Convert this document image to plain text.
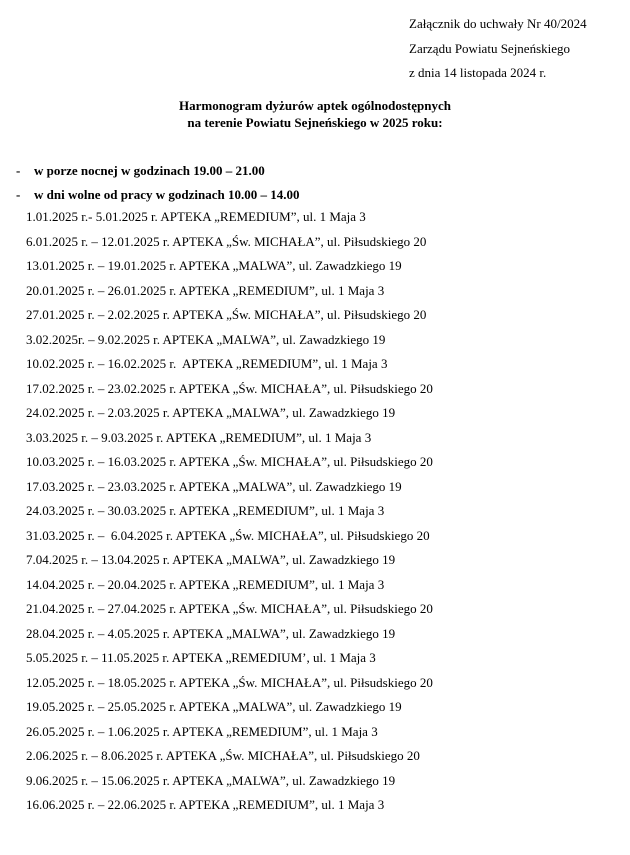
Załącznik do uchwały Nr 40/2024
Zarządu Powiatu Sejneńskiego
z dnia 14 listopada 2024 r.
Harmonogram dyżurów aptek ogólnodostępnych
na terenie Powiatu Sejneńskiego w 2025 roku:
- w porze nocnej w godzinach 19.00 – 21.00
- w dni wolne od pracy w godzinach 10.00 – 14.00
1.01.2025 r.- 5.01.2025 r. APTEKA „REMEDIUM”, ul. 1 Maja 3
6.01.2025 r. – 12.01.2025 r. APTEKA „Św. MICHAŁA”, ul. Piłsudskiego 20
13.01.2025 r. – 19.01.2025 r. APTEKA „MALWA”, ul. Zawadzkiego 19
20.01.2025 r. – 26.01.2025 r. APTEKA „REMEDIUM”, ul. 1 Maja 3
27.01.2025 r. – 2.02.2025 r. APTEKA „Św. MICHAŁA”, ul. Piłsudskiego 20
3.02.2025r. – 9.02.2025 r. APTEKA „MALWA”, ul. Zawadzkiego 19
10.02.2025 r. – 16.02.2025 r.  APTEKA „REMEDIUM”, ul. 1 Maja 3
17.02.2025 r. – 23.02.2025 r. APTEKA „Św. MICHAŁA”, ul. Piłsudskiego 20
24.02.2025 r. – 2.03.2025 r. APTEKA „MALWA”, ul. Zawadzkiego 19
3.03.2025 r. – 9.03.2025 r. APTEKA „REMEDIUM”, ul. 1 Maja 3
10.03.2025 r. – 16.03.2025 r. APTEKA „Św. MICHAŁA”, ul. Piłsudskiego 20
17.03.2025 r. – 23.03.2025 r. APTEKA „MALWA”, ul. Zawadzkiego 19
24.03.2025 r. – 30.03.2025 r. APTEKA „REMEDIUM”, ul. 1 Maja 3
31.03.2025 r. –  6.04.2025 r. APTEKA „Św. MICHAŁA”, ul. Piłsudskiego 20
7.04.2025 r. – 13.04.2025 r. APTEKA „MALWA”, ul. Zawadzkiego 19
14.04.2025 r. – 20.04.2025 r. APTEKA „REMEDIUM”, ul. 1 Maja 3
21.04.2025 r. – 27.04.2025 r. APTEKA „Św. MICHAŁA”, ul. Piłsudskiego 20
28.04.2025 r. – 4.05.2025 r. APTEKA „MALWA”, ul. Zawadzkiego 19
5.05.2025 r. – 11.05.2025 r. APTEKA „REMEDIUM’, ul. 1 Maja 3
12.05.2025 r. – 18.05.2025 r. APTEKA „Św. MICHAŁA”, ul. Piłsudskiego 20
19.05.2025 r. – 25.05.2025 r. APTEKA „MALWA”, ul. Zawadzkiego 19
26.05.2025 r. – 1.06.2025 r. APTEKA „REMEDIUM”, ul. 1 Maja 3
2.06.2025 r. – 8.06.2025 r. APTEKA „Św. MICHAŁA”, ul. Piłsudskiego 20
9.06.2025 r. – 15.06.2025 r. APTEKA „MALWA”, ul. Zawadzkiego 19
16.06.2025 r. – 22.06.2025 r. APTEKA „REMEDIUM”, ul. 1 Maja 3
